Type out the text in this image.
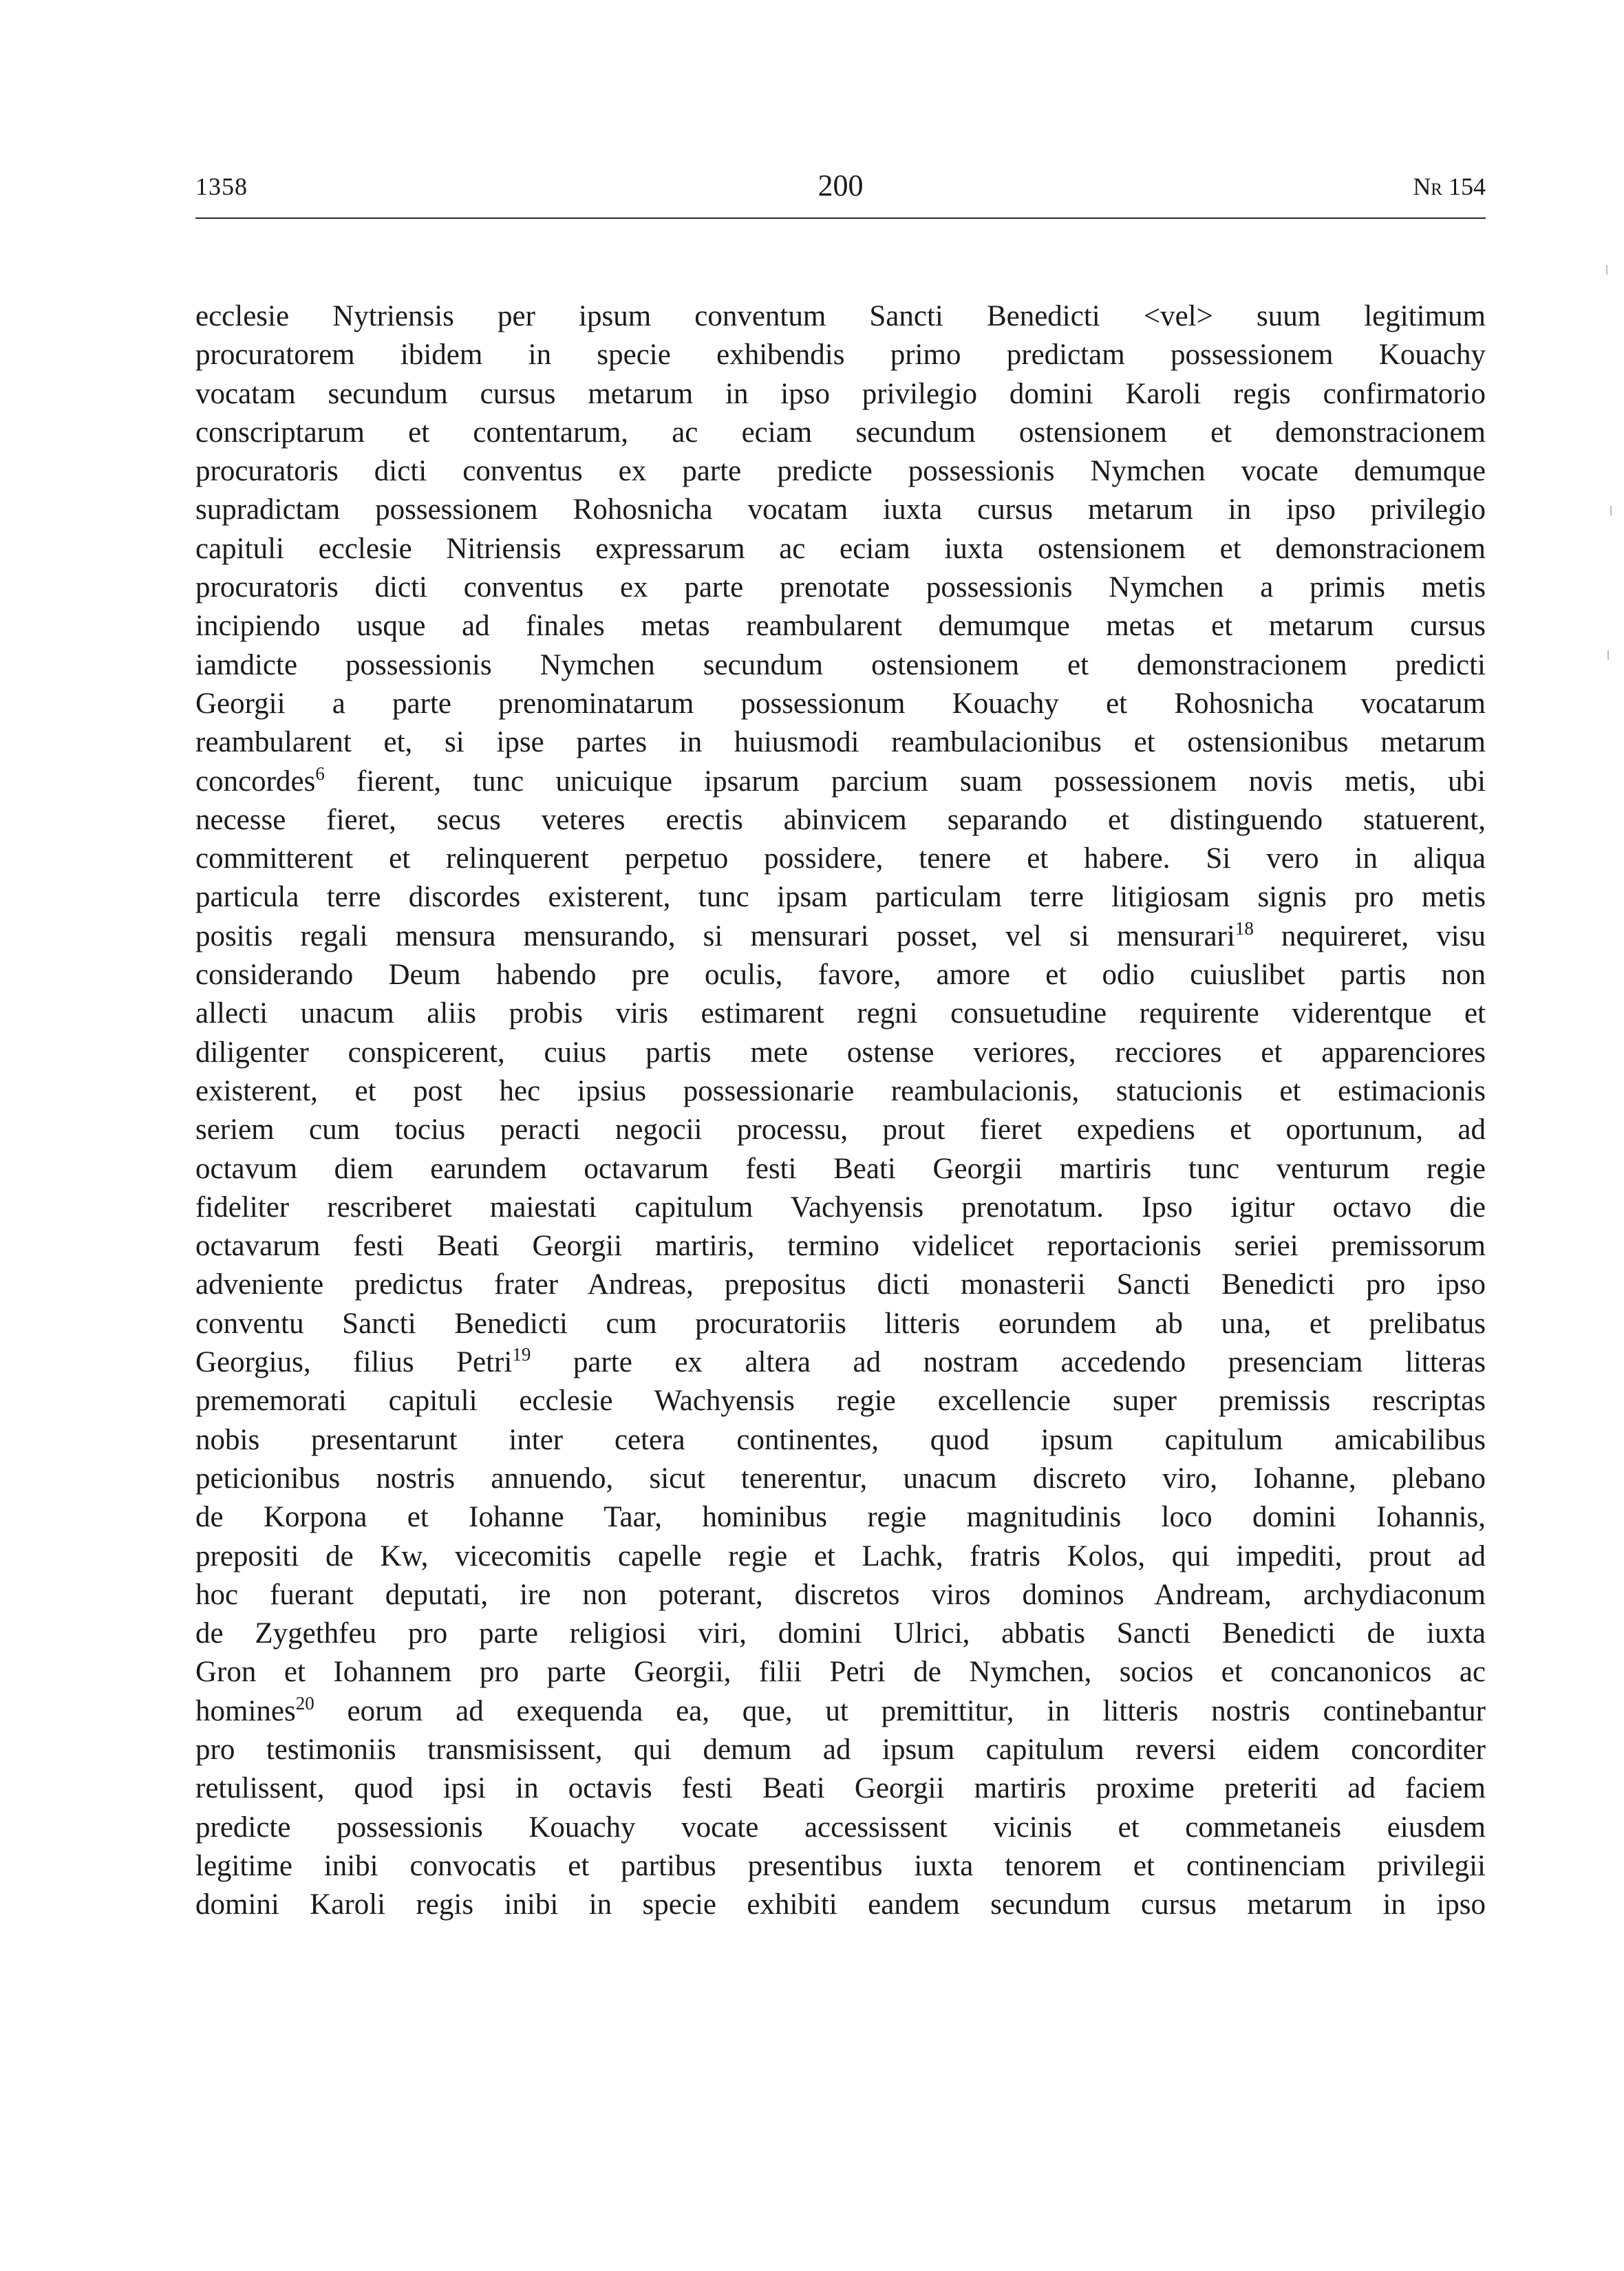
1358	200	Nr 154
ecclesie Nytriensis per ipsum conventum Sancti Benedicti <vel> suum legitimum
procuratorem ibidem in specie exhibendis primo predictam possessionem Kouachy
vocatam secundum cursus metarum in ipso privilegio domini Karoli regis confirmatorio
conscriptarum et contentarum, ac eciam secundum ostensionem et demonstracionem
procuratoris dicti conventus ex parte predicte possessionis Nymchen vocate demumque
supradictam possessionem Rohosnicha vocatam iuxta cursus metarum in ipso privilegio
capituli ecclesie Nitriensis expressarum ac eciam iuxta ostensionem et demonstracionem
procuratoris dicti conventus ex parte prenotate possessionis Nymchen a primis metis
incipiendo usque ad finales metas reambularent demumque metas et metarum cursus
iamdicte possessionis Nymchen secundum ostensionem et demonstracionem predicti
Georgii a parte prenominatarum possessionum Kouachy et Rohosnicha vocatarum
reambularent et, si ipse partes in huiusmodi reambulacionibus et ostensionibus metarum
concordes$^6$ fierent, tunc unicuique ipsarum parcium suam possessionem novis metis, ubi
necesse fieret, secus veteres erectis abinvicem separando et distinguendo statuerent,
committerent et relinquerent perpetuo possidere, tenere et habere. Si vero in aliqua
particula terre discordes existerent, tunc ipsam particulam terre litigiosam signis pro metis
positis regali mensura mensurando, si mensurari posset, vel si mensurari$^{18}$ nequireret, visu
considerando Deum habendo pre oculis, favore, amore et odio cuiuslibet partis non
allecti unacum aliis probis viris estimarent regni consuetudine requirente viderentque et
diligenter conspicerent, cuius partis mete ostense veriores, recciores et apparenciores
existerent, et post hec ipsius possessionarie reambulacionis, statucionis et estimacionis
seriem cum tocius peracti negocii processu, prout fieret expediens et oportunum, ad
octavum diem earundem octavarum festi Beati Georgii martiris tunc venturum regie
fideliter rescriberet maiestati capitulum Vachyensis prenotatum. Ipso igitur octavo die
octavarum festi Beati Georgii martiris, termino videlicet reportacionis seriei premissorum
adveniente predictus frater Andreas, prepositus dicti monasterii Sancti Benedicti pro ipso
conventu Sancti Benedicti cum procuratoriis litteris eorundem ab una, et prelibatus
Georgius, filius Petri$^{19}$ parte ex altera ad nostram accedendo presenciam litteras
prememorati capituli ecclesie Wachyensis regie excellencie super premissis rescriptas
nobis presentarunt inter cetera continentes, quod ipsum capitulum amicabilibus
peticionibus nostris annuendo, sicut tenerentur, unacum discreto viro, Iohanne, plebano
de Korpona et Iohanne Taar, hominibus regie magnitudinis loco domini Iohannis,
prepositi de Kw, vicecomitis capelle regie et Lachk, fratris Kolos, qui impediti, prout ad
hoc fuerant deputati, ire non poterant, discretos viros dominos Andream, archydiaconum
de Zygethfeu pro parte religiosi viri, domini Ulrici, abbatis Sancti Benedicti de iuxta
Gron et Iohannem pro parte Georgii, filii Petri de Nymchen, socios et concanonicos ac
homines$^{20}$ eorum ad exequenda ea, que, ut premittitur, in litteris nostris continebantur
pro testimoniis transmisissent, qui demum ad ipsum capitulum reversi eidem concorditer
retulissent, quod ipsi in octavis festi Beati Georgii martiris proxime preteriti ad faciem
predicte possessionis Kouachy vocate accessissent vicinis et commetaneis eiusdem
legitime inibi convocatis et partibus presentibus iuxta tenorem et continenciam privilegii
domini Karoli regis inibi in specie exhibiti eandem secundum cursus metarum in ipso
